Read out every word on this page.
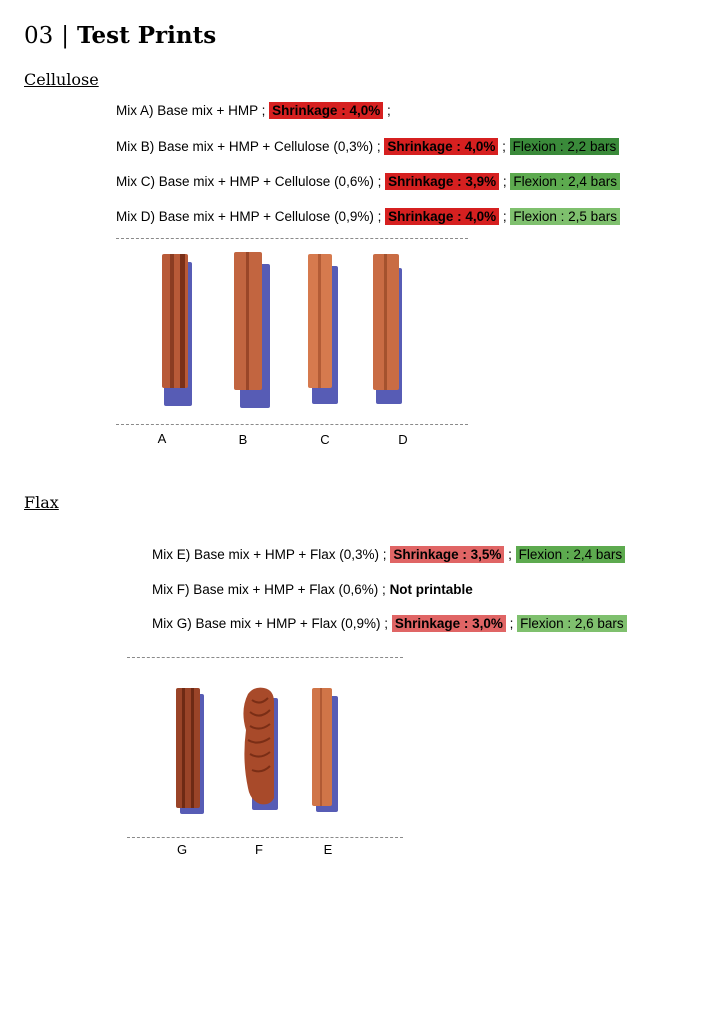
03 | Test Prints
Cellulose
Mix A) Base mix + HMP ; Shrinkage : 4,0% ;
Mix B) Base mix + HMP + Cellulose (0,3%) ; Shrinkage : 4,0% ; Flexion : 2,2 bars
Mix C) Base mix + HMP + Cellulose (0,6%) ; Shrinkage : 3,9% ; Flexion : 2,4 bars
Mix D) Base mix + HMP + Cellulose (0,9%) ; Shrinkage : 4,0% ; Flexion : 2,5 bars
A	B	C	D
Flax
Mix E) Base mix + HMP + Flax (0,3%) ; Shrinkage : 3,5% ; Flexion : 2,4 bars
Mix F) Base mix + HMP + Flax (0,6%) ; Not printable
Mix G) Base mix + HMP + Flax (0,9%) ; Shrinkage : 3,0% ; Flexion : 2,6 bars
G	F	E
